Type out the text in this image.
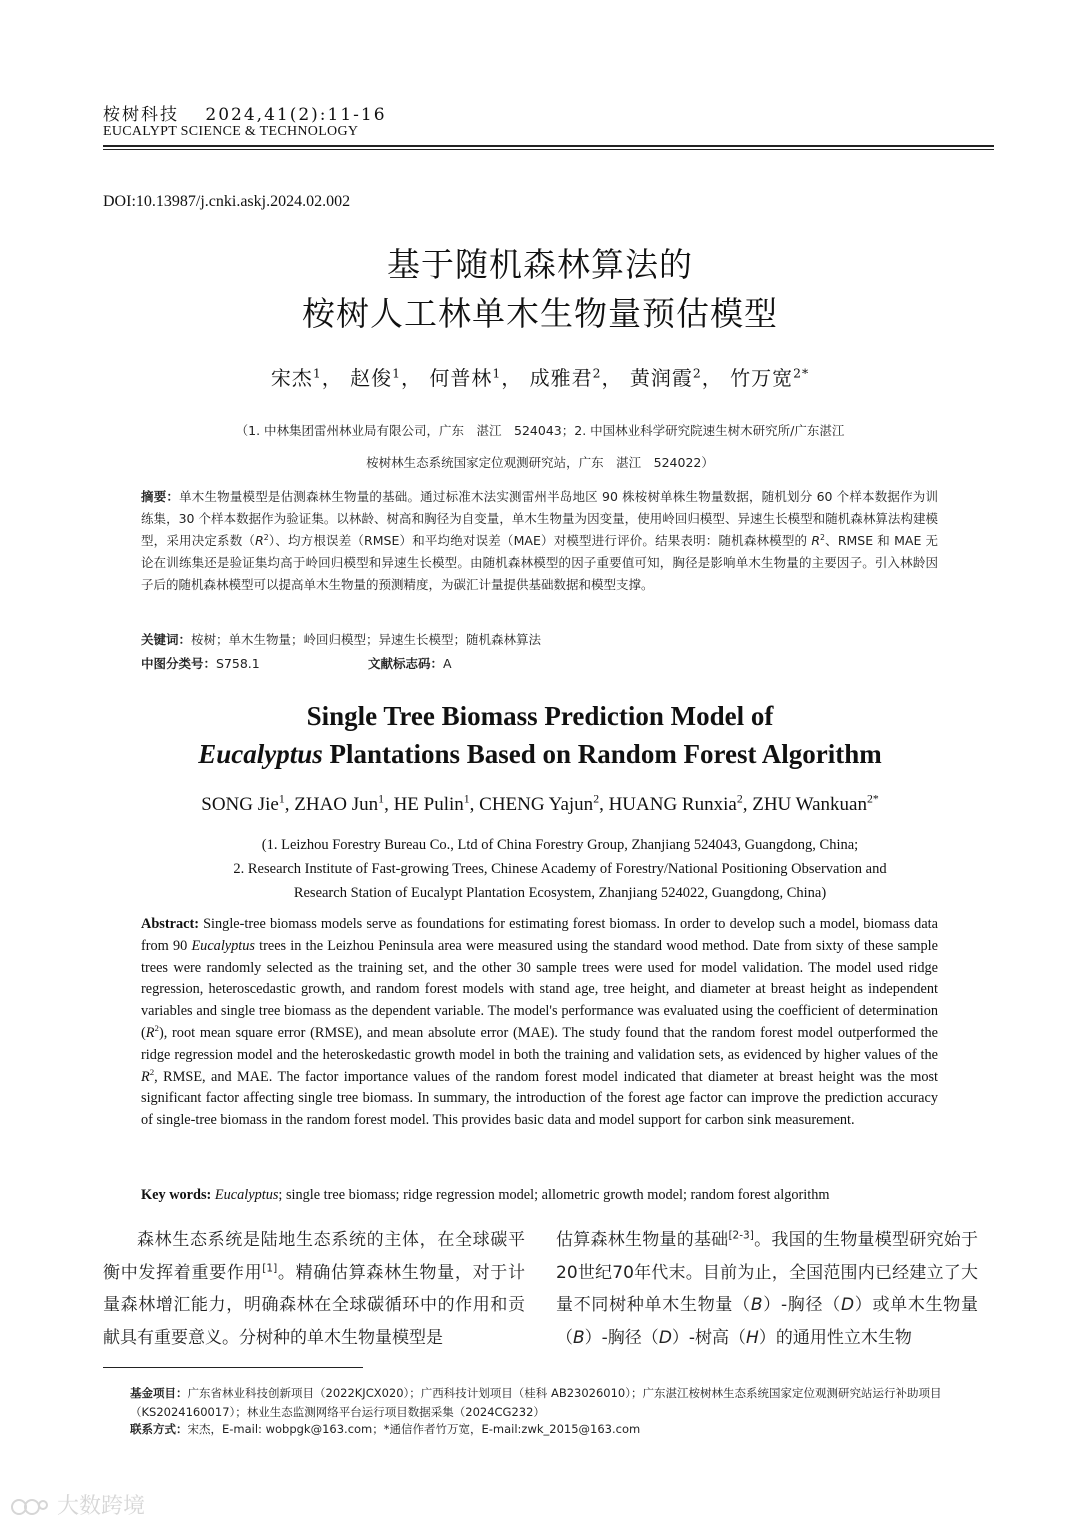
桉树科技　 2024,41(2):11-16
EUCALYPT SCIENCE & TECHNOLOGY
DOI:10.13987/j.cnki.askj.2024.02.002
基于随机森林算法的
桉树人工林单木生物量预估模型
宋杰$^1$， 赵俊$^1$， 何普林$^1$， 成雅君$^2$， 黄润霞$^2$， 竹万宽$^{2*}$
（1. 中林集团雷州林业局有限公司，广东　湛江　524043；2. 中国林业科学研究院速生树木研究所/广东湛江
桉树林生态系统国家定位观测研究站，广东　湛江　524022）
摘要：单木生物量模型是估测森林生物量的基础。通过标准木法实测雷州半岛地区 90 株桉树单株生物量数据，随机划分 60 个样本数据作为训练集，30 个样本数据作为验证集。以林龄、树高和胸径为自变量，单木生物量为因变量，使用岭回归模型、异速生长模型和随机森林算法构建模型，采用决定系数$(R^2)$、均方根误差（RMSE）和平均绝对误差（MAE）对模型进行评价。结果表明：随机森林模型的 $R^2$、RMSE 和 MAE 无论在训练集还是验证集均高于岭回归模型和异速生长模型。由随机森林模型的因子重要值可知，胸径是影响单木生物量的主要因子。引入林龄因子后的随机森林模型可以提高单木生物量的预测精度，为碳汇计量提供基础数据和模型支撑。
关键词：桉树；单木生物量；岭回归模型；异速生长模型；随机森林算法
中图分类号：S758.1	文献标志码：A
Single Tree Biomass Prediction Model of
Eucalyptus Plantations Based on Random Forest Algorithm
SONG Jie$^1$, ZHAO Jun$^1$, HE Pulin$^1$, CHENG Yajun$^2$, HUANG Runxia$^2$, ZHU Wankuan$^{2*}$
(1. Leizhou Forestry Bureau Co., Ltd of China Forestry Group, Zhanjiang 524043, Guangdong, China;
2. Research Institute of Fast-growing Trees, Chinese Academy of Forestry/National Positioning Observation and
Research Station of Eucalypt Plantation Ecosystem, Zhanjiang 524022, Guangdong, China)
Abstract: Single-tree biomass models serve as foundations for estimating forest biomass. In order to develop such a model, biomass data from 90 Eucalyptus trees in the Leizhou Peninsula area were measured using the standard wood method. Date from sixty of these sample trees were randomly selected as the training set, and the other 30 sample trees were used for model validation. The model used ridge regression, heteroscedastic growth, and random forest models with stand age, tree height, and diameter at breast height as independent variables and single tree biomass as the dependent variable. The model's performance was evaluated using the coefficient of determination $(R^2)$, root mean square error (RMSE), and mean absolute error (MAE). The study found that the random forest model outperformed the ridge regression model and the heteroskedastic growth model in both the training and validation sets, as evidenced by higher values of the $R^2$, RMSE, and MAE. The factor importance values of the random forest model indicated that diameter at breast height was the most significant factor affecting single tree biomass. In summary, the introduction of the forest age factor can improve the prediction accuracy of single-tree biomass in the random forest model. This provides basic data and model support for carbon sink measurement.
Key words: Eucalyptus; single tree biomass; ridge regression model; allometric growth model; random forest algorithm
森林生态系统是陆地生态系统的主体，在全球碳平衡中发挥着重要作用[1]。精确估算森林生物量，对于计量森林增汇能力，明确森林在全球碳循环中的作用和贡献具有重要意义。分树种的单木生物量模型是
估算森林生物量的基础[2-3]。我国的生物量模型研究始于20世纪70年代末。目前为止，全国范围内已经建立了大量不同树种单木生物量（B）-胸径（D）或单木生物量（B）-胸径（D）-树高（H）的通用性立木生物
基金项目：广东省林业科技创新项目（2022KJCX020）；广西科技计划项目（桂科 AB23026010）；广东湛江桉树林生态系统国家定位观测研究站运行补助项目（KS2024160017）；林业生态监测网络平台运行项目数据采集（2024CG232）
联系方式：宋杰，E-mail: wobpgk@163.com；*通信作者竹万宽，E-mail:zwk_2015@163.com
大数跨境
